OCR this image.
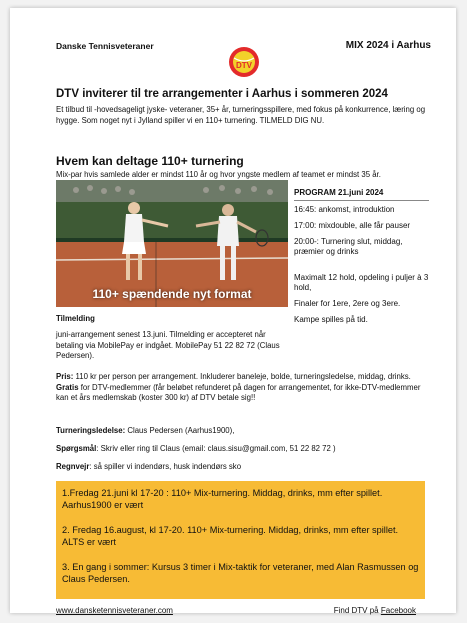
Danske Tennisveteraner
DTV
MIX 2024 i Aarhus
DTV inviterer til tre arrangementer i Aarhus i sommeren 2024
Et tilbud til -hovedsageligt jyske- veteraner, 35+ år, turneringsspillere, med fokus på konkurrence, læring og hygge. Som noget nyt i Jylland spiller vi en 110+ turnering. TILMELD DIG NU.
Hvem kan deltage 110+ turnering
Mix-par hvis samlede alder er mindst 110 år og hvor yngste medlem af teamet er mindst 35 år.
110+ spændende nyt format
PROGRAM 21.juni 2024

16:45: ankomst, introduktion

17:00: mixdouble, alle får pauser

20:00-: Turnering slut, middag, præmier og drinks

Maximalt 12 hold, opdeling i puljer à 3 hold,

Finaler for 1ere, 2ere og 3ere.

Kampe spilles på tid.

Tilmelding
juni-arrangement senest 13.juni. Tilmelding er accepteret når betaling via MobilePay er indgået. MobilePay 51 22 82 72 (Claus Pedersen).
Pris: 110 kr per person per arrangement. Inkluderer baneleje, bolde, turneringsledelse, middag, drinks. Gratis for DTV-medlemmer (får beløbet refunderet på dagen for arrangementet, for ikke-DTV-medlemmer kan et års medlemskab (koster 300 kr) af DTV betale sig!!
Turneringsledelse: Claus Pedersen (Aarhus1900),
Spørgsmål: Skriv eller ring til Claus (email: claus.sisu@gmail.com, 51 22 82 72 )
Regnvejr: så spiller vi indendørs, husk indendørs sko

1.Fredag 21.juni kl 17-20 : 110+ Mix-turnering. Middag, drinks, mm efter spillet. Aarhus1900 er vært

2. Fredag 16.august, kl 17-20. 110+ Mix-turnering. Middag, drinks, mm efter spillet. ALTS er vært

3. En gang i sommer: Kursus 3 timer i Mix-taktik for veteraner, med Alan Rasmussen og Claus Pedersen.

www.dansketennisveteraner.com	Find DTV på Facebook
